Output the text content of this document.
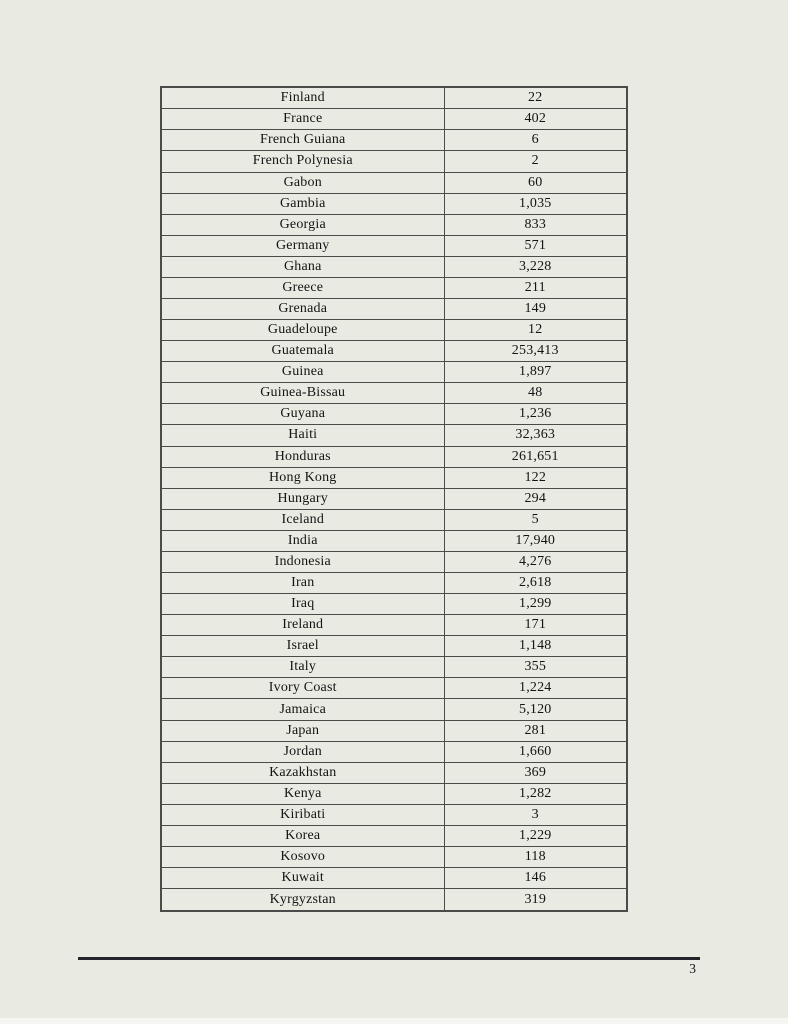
Finland	22
France	402
French Guiana	6
French Polynesia	2
Gabon	60
Gambia	1,035
Georgia	833
Germany	571
Ghana	3,228
Greece	211
Grenada	149
Guadeloupe	12
Guatemala	253,413
Guinea	1,897
Guinea-Bissau	48
Guyana	1,236
Haiti	32,363
Honduras	261,651
Hong Kong	122
Hungary	294
Iceland	5
India	17,940
Indonesia	4,276
Iran	2,618
Iraq	1,299
Ireland	171
Israel	1,148
Italy	355
Ivory Coast	1,224
Jamaica	5,120
Japan	281
Jordan	1,660
Kazakhstan	369
Kenya	1,282
Kiribati	3
Korea	1,229
Kosovo	118
Kuwait	146
Kyrgyzstan	319
3
